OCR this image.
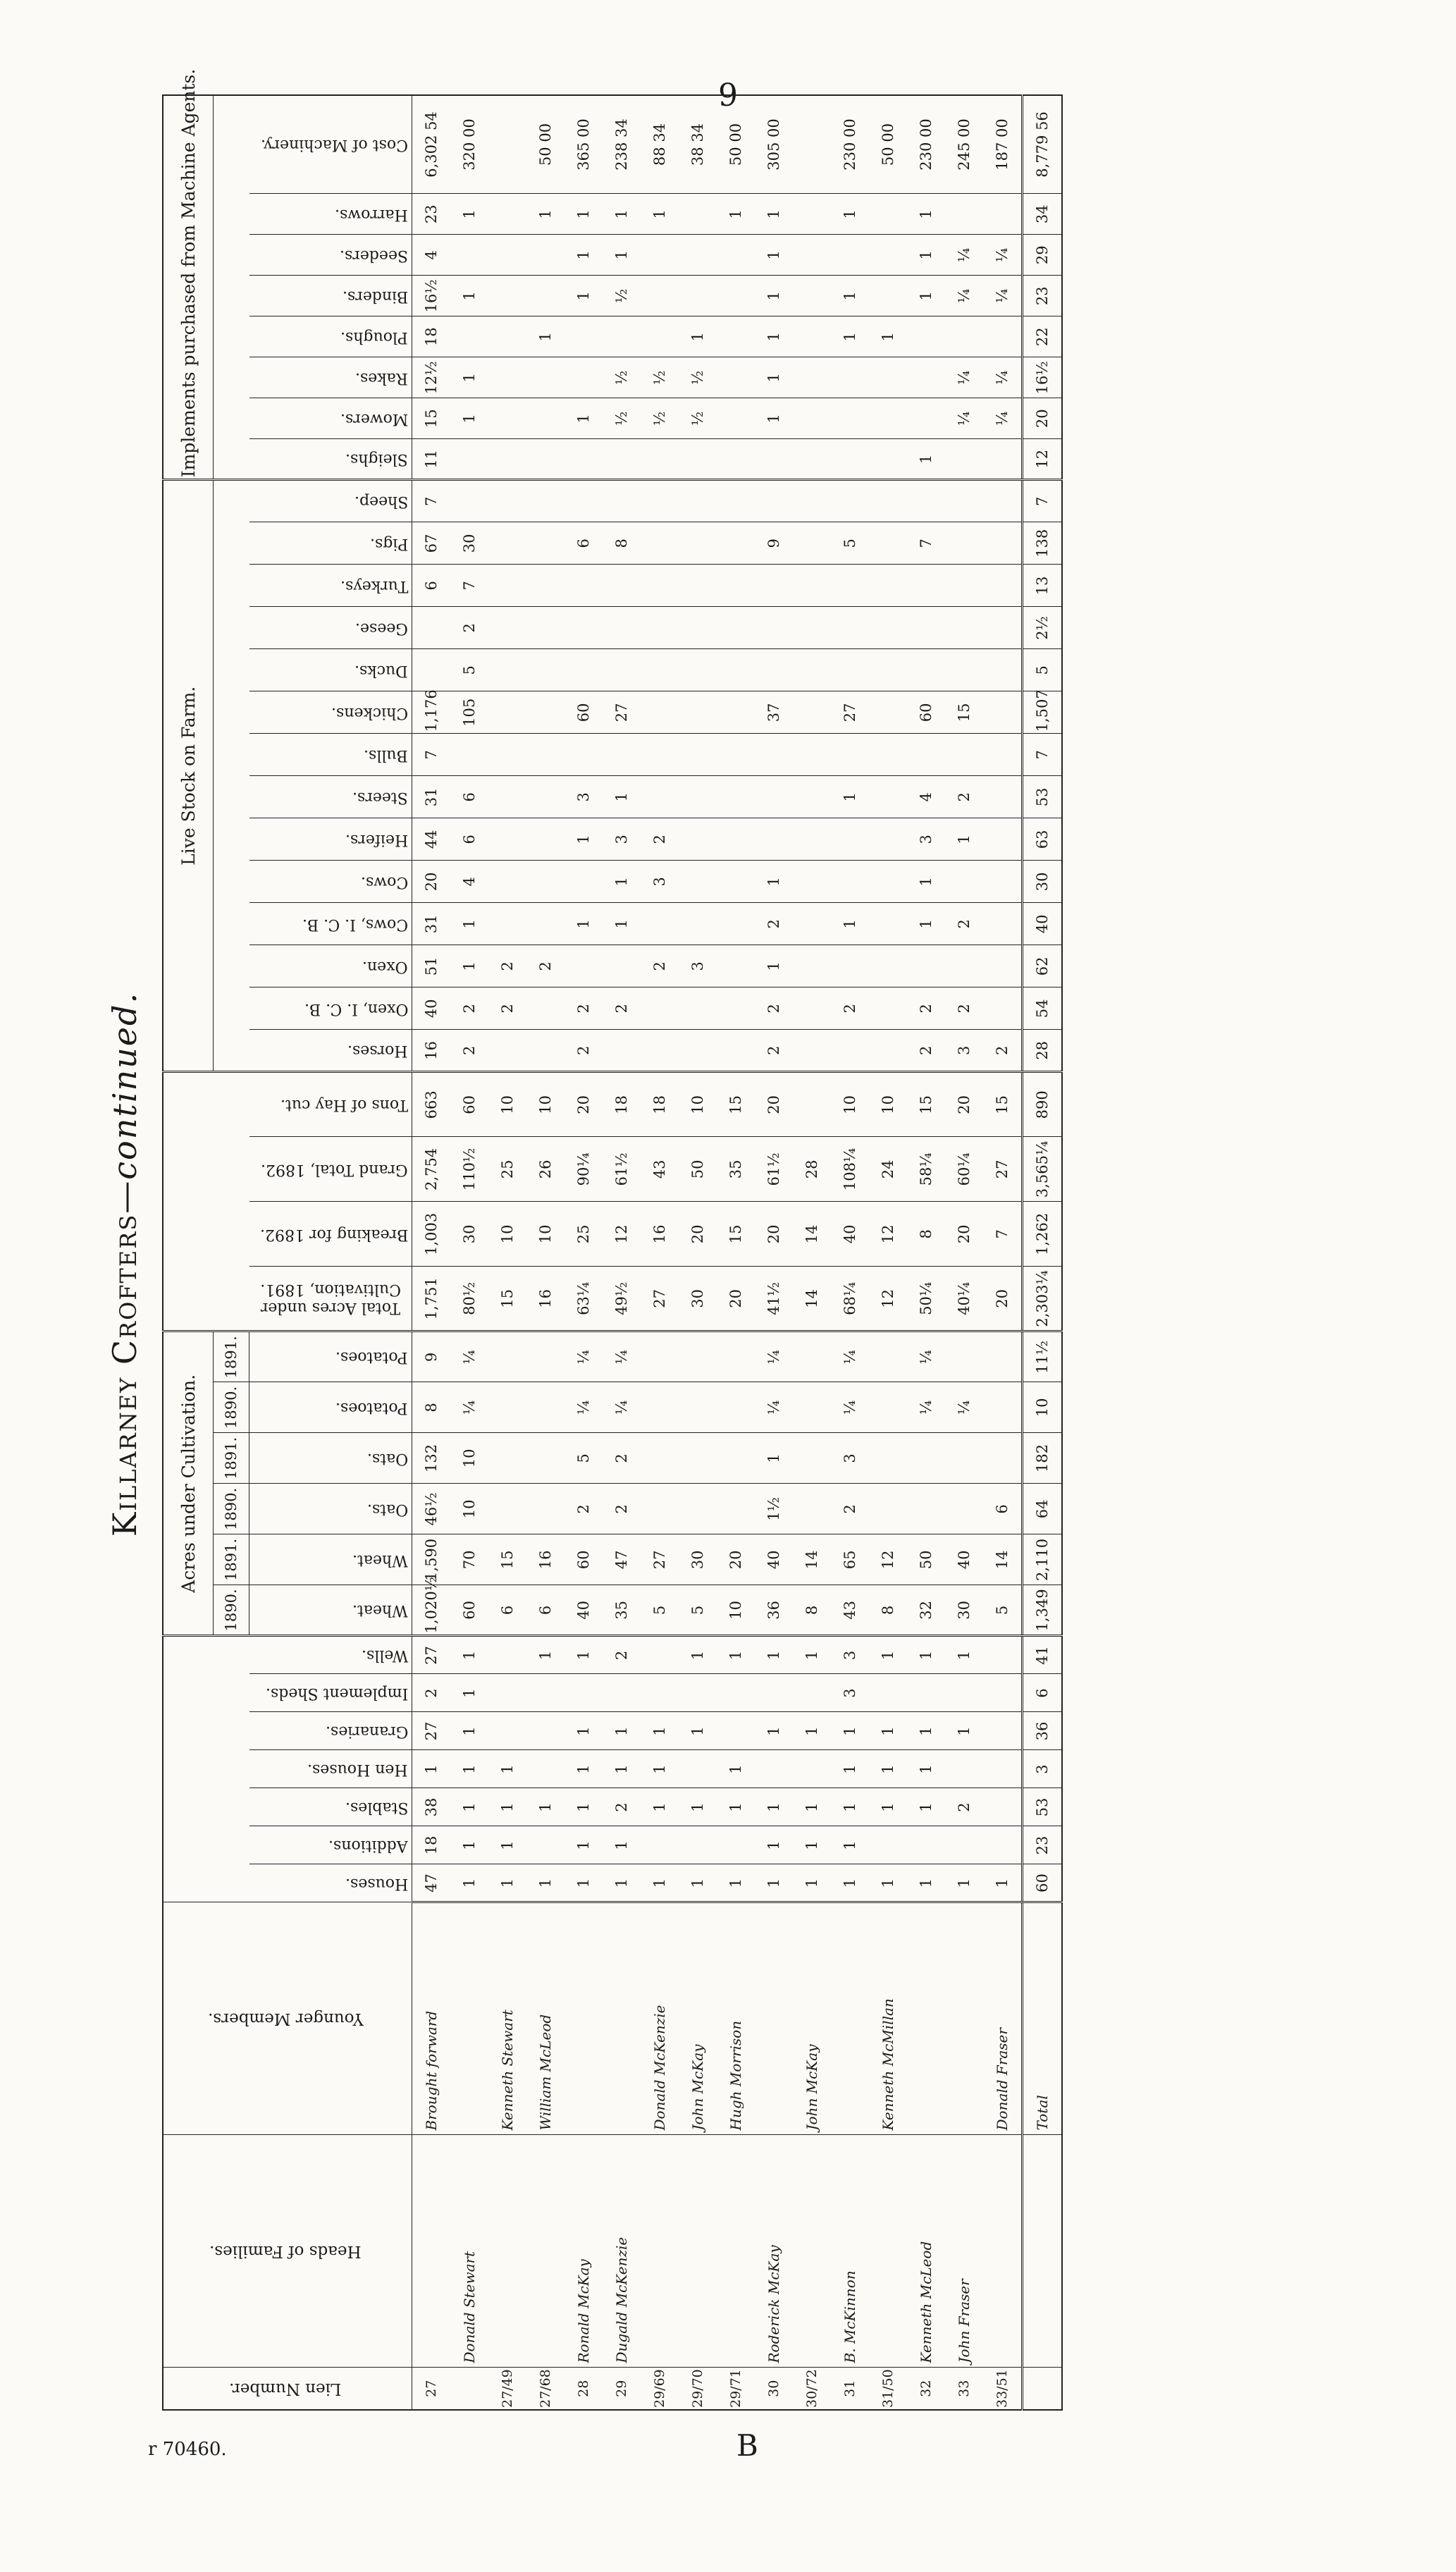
9
Killarney Crofters—continued.
Lien Number.	Heads of Families.	Younger Members.								Acres under Cultivation.										Live Stock on Farm.														Implements purchased from Machine Agents.							
										1890.	1891.	1890.	1891.	1890.	1891.																										
			Houses.	Additions.	Stables.	Hen Houses.	Granaries.	Implement Sheds.	Wells.	Wheat.	Wheat.	Oats.	Oats.	Potatoes.	Potatoes.	Total Acres under Cultivation, 1891.	Breaking for 1892.	Grand Total, 1892.	Tons of Hay cut.	Horses.	Oxen, I. C. B.	Oxen.	Cows, I. C. B.	Cows.	Heifers.	Steers.	Bulls.	Chickens.	Ducks.	Geese.	Turkeys.	Pigs.	Sheep.	Sleighs.	Mowers.	Rakes.	Ploughs.	Binders.	Seeders.	Harrows.	Cost of Machinery.
27		Brought forward	47	18	38	1	27	2	27	1,020½	1,590	46½	132	8	9	1,751	1,003	2,754	663	16	40	51	31	20	44	31	7	1,176			6	67	7	11	15	12½	18	16½	4	23	6,302 54
	Donald Stewart		1	1	1	1	1	1	1	60	70	10	10	¼	¼	80½	30	110½	60	2	2	1	1	4	6	6		105	5	2	7	30			1	1		1		1	320 00
27/49		Kenneth Stewart	1	1	1	1				6	15					15	10	25	10		2	2																			
27/68		William McLeod	1		1				1	6	16					16	10	26	10			2															1			1	50 00
28	Ronald McKay		1	1	1	1	1		1	40	60	2	5	¼	¼	63¼	25	90¼	20	2	2		1		1	3		60				6			1			1	1	1	365 00
29	Dugald McKenzie		1	1	2	1	1		2	35	47	2	2	¼	¼	49½	12	61½	18		2		1	1	3	1		27				8			½	½		½	1	1	238 34
29/69		Donald McKenzie	1		1	1	1			5	27					27	16	43	18			2		3	2										½	½				1	88 34
29/70		John McKay	1		1		1		1	5	30					30	20	50	10			3													½	½	1				38 34
29/71		Hugh Morrison	1		1	1			1	10	20					20	15	35	15																					1	50 00
30	Roderick McKay		1	1	1		1		1	36	40	1½	1	¼	¼	41½	20	61½	20	2	2	1	2	1				37				9			1	1	1	1	1	1	305 00
30/72		John McKay	1	1	1		1		1	8	14					14	14	28																							
31	B. McKinnon		1	1	1	1	1	3	3	43	65	2	3	¼	¼	68¼	40	108¼	10		2		1			1		27				5					1	1		1	230 00
31/50		Kenneth McMillan	1		1	1	1		1	8	12					12	12	24	10																		1				50 00
32	Kenneth McLeod		1		1	1	1		1	32	50			¼	¼	50¼	8	58¼	15	2	2		1	1	3	4		60				7		1				1	1	1	230 00
33	John Fraser		1		2		1		1	30	40			¼		40¼	20	60¼	20	3	2		2		1	2		15							¼	¼		¼	¼		245 00
33/51		Donald Fraser	1							5	14	6				20	7	27	15	2															¼	¼		¼	¼		187 00
		Total	60	23	53	3	36	6	41	1,349	2,110	64	182	10	11½	2,303¼	1,262	3,565¼	890	28	54	62	40	30	63	53	7	1,507	5	2½	13	138	7	12	20	16½	22	23	29	34	8,779 56
r 70460.	B
